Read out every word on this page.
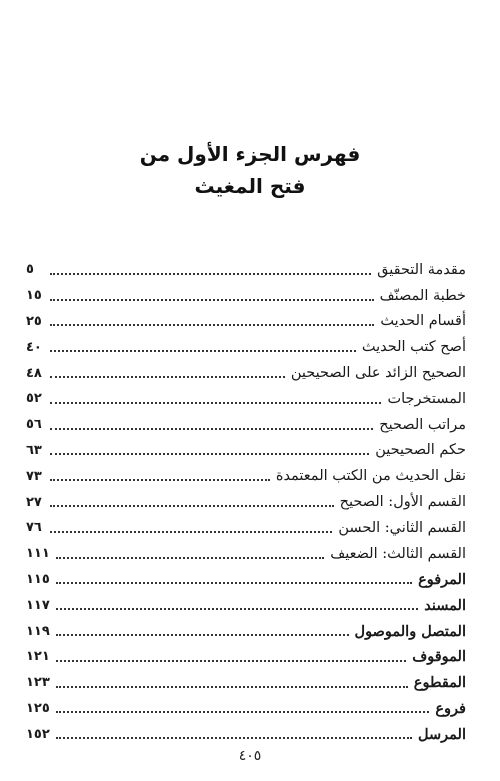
فهرس الجزء الأول من
فتح المغيث
مقدمة التحقيق
٥
خطبة المصنّف
١٥
أقسام الحديث
٢٥
أصح كتب الحديث
٤٠
الصحيح الزائد على الصحيحين
٤٨
المستخرجات
٥٢
مراتب الصحيح
٥٦
حكم الصحيحين
٦٣
نقل الحديث من الكتب المعتمدة
٧٣
القسم الأول: الصحيح
٢٧
القسم الثاني: الحسن
٧٦
القسم الثالث: الضعيف
١١١
المرفوع
١١٥
المسند
١١٧
المتصل والموصول
١١٩
الموقوف
١٢١
المقطوع
١٢٣
فروع
١٢٥
المرسل
١٥٢
٤٠٥
